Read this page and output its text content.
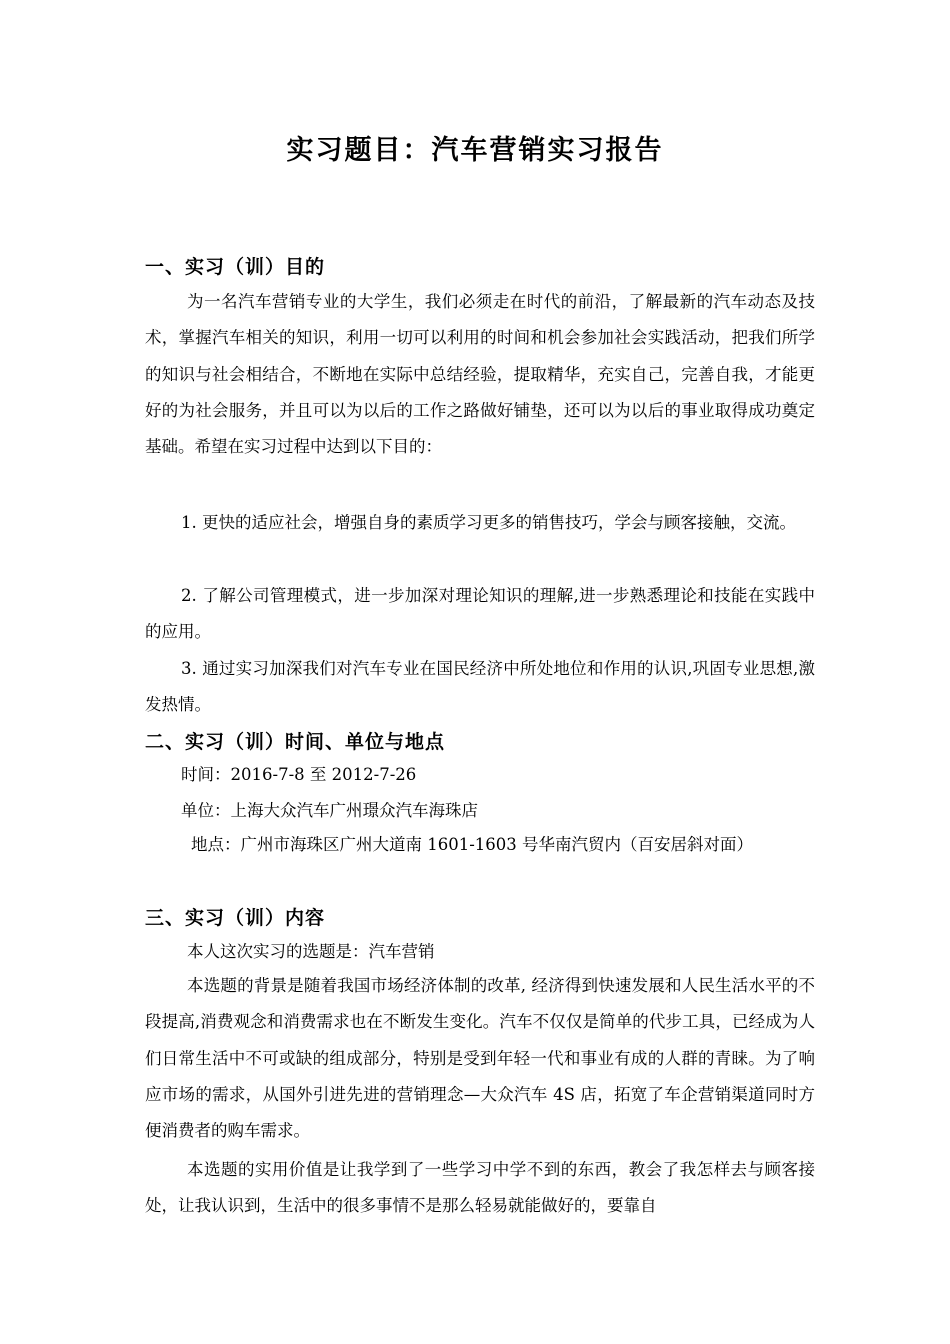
实习题目：汽车营销实习报告
一、实习（训）目的
为一名汽车营销专业的大学生，我们必须走在时代的前沿，了解最新的汽车动态及技术，掌握汽车相关的知识，利用一切可以利用的时间和机会参加社会实践活动，把我们所学的知识与社会相结合，不断地在实际中总结经验，提取精华，充实自己，完善自我，才能更好的为社会服务，并且可以为以后的工作之路做好铺垫，还可以为以后的事业取得成功奠定基础。希望在实习过程中达到以下目的：
1. 更快的适应社会，增强自身的素质学习更多的销售技巧，学会与顾客接触，交流。
2. 了解公司管理模式，进一步加深对理论知识的理解,进一步熟悉理论和技能在实践中的应用。
3. 通过实习加深我们对汽车专业在国民经济中所处地位和作用的认识,巩固专业思想,激发热情。
二、实习（训）时间、单位与地点
时间：2016-7-8 至 2012-7-26
单位：上海大众汽车广州璟众汽车海珠店
地点：广州市海珠区广州大道南 1601-1603 号华南汽贸内（百安居斜对面）
三、实习（训）内容
本人这次实习的选题是：汽车营销
本选题的背景是随着我国市场经济体制的改革, 经济得到快速发展和人民生活水平的不段提高,消费观念和消费需求也在不断发生变化。汽车不仅仅是简单的代步工具，已经成为人们日常生活中不可或缺的组成部分，特别是受到年轻一代和事业有成的人群的青睐。为了响应市场的需求，从国外引进先进的营销理念—大众汽车 4S 店，拓宽了车企营销渠道同时方便消费者的购车需求。
本选题的实用价值是让我学到了一些学习中学不到的东西，教会了我怎样去与顾客接处，让我认识到，生活中的很多事情不是那么轻易就能做好的，要靠自
